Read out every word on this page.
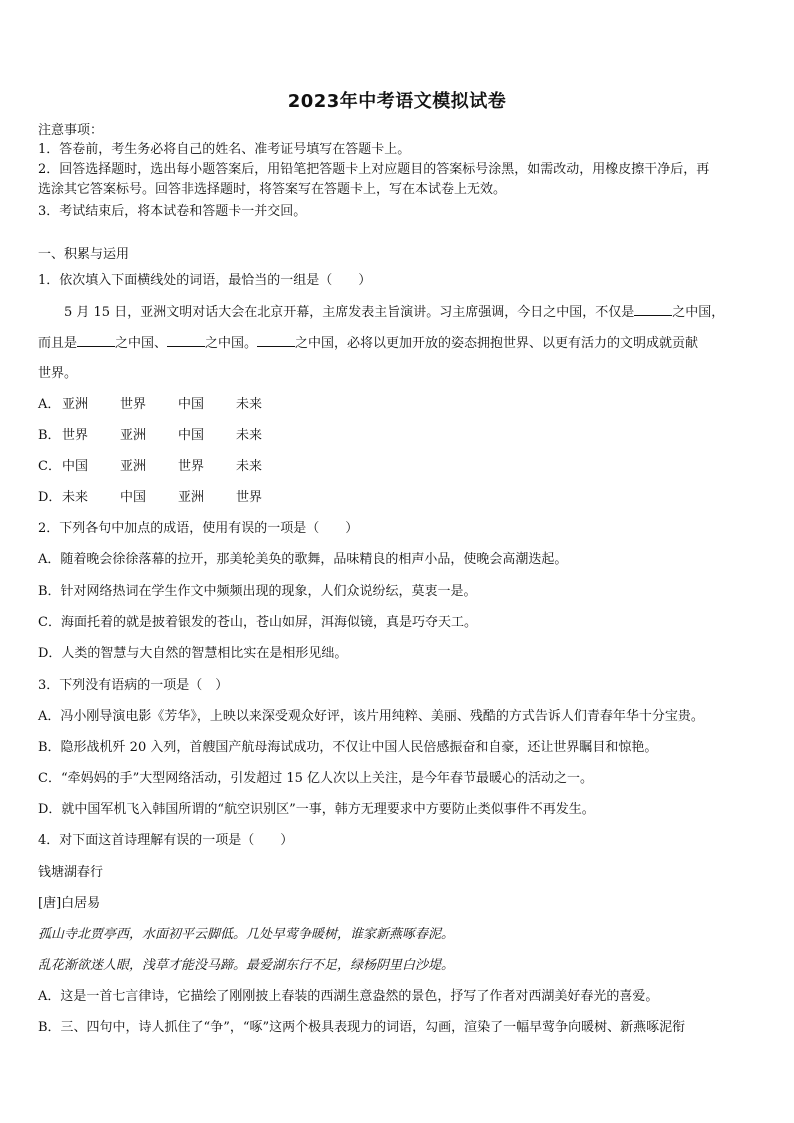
2023年中考语文模拟试卷
注意事项：
1．答卷前，考生务必将自己的姓名、准考证号填写在答题卡上。
2．回答选择题时，选出每小题答案后，用铅笔把答题卡上对应题目的答案标号涂黑，如需改动，用橡皮擦干净后，再
选涂其它答案标号。回答非选择题时，将答案写在答题卡上，写在本试卷上无效。
3．考试结束后，将本试卷和答题卡一并交回。
一、积累与运用
1．依次填入下面横线处的词语，最恰当的一组是（　　）
5 月 15 日，亚洲文明对话大会在北京开幕，主席发表主旨演讲。习主席强调，今日之中国，不仅是	之中国，
而且是	之中国、	之中国。	之中国，必将以更加开放的姿态拥抱世界、以更有活力的文明成就贡献
世界。
A． 亚洲 世界 中国 未来
B．世界 亚洲 中国 未来
C．中国 亚洲 世界 未来
D．未来 中国 亚洲 世界
2．下列各句中加点的成语，使用有误的一项是（　　）
A．随着晚会徐徐落幕的拉开，那美轮美奂的歌舞，品味精良的相声小品，使晚会高潮迭起。
B．针对网络热词在学生作文中频频出现的现象，人们众说纷纭，莫衷一是。
C．海面托着的就是披着银发的苍山，苍山如屏，洱海似镜，真是巧夺天工。
D．人类的智慧与大自然的智慧相比实在是相形见绌。
3．下列没有语病的一项是（　）
A．冯小刚导演电影《芳华》，上映以来深受观众好评，该片用纯粹、美丽、残酷的方式告诉人们青春年华十分宝贵。
B．隐形战机歼 20 入列，首艘国产航母海试成功，不仅让中国人民倍感振奋和自豪，还让世界瞩目和惊艳。
C．“牵妈妈的手”大型网络活动，引发超过 15 亿人次以上关注，是今年春节最暖心的活动之一。
D．就中国军机飞入韩国所谓的“航空识别区”一事，韩方无理要求中方要防止类似事件不再发生。
4．对下面这首诗理解有误的一项是（　　）
钱塘湖春行
[唐]白居易
孤山寺北贾亭西，水面初平云脚低。几处早莺争暖树，谁家新燕啄春泥。
乱花渐欲迷人眼，浅草才能没马蹄。最爱湖东行不足，绿杨阴里白沙堤。
A．这是一首七言律诗，它描绘了刚刚披上春装的西湖生意盎然的景色，抒写了作者对西湖美好春光的喜爱。
B．三、四句中，诗人抓住了“争”，“啄”这两个极具表现力的词语，勾画，渲染了一幅早莺争向暖树、新燕啄泥衔
